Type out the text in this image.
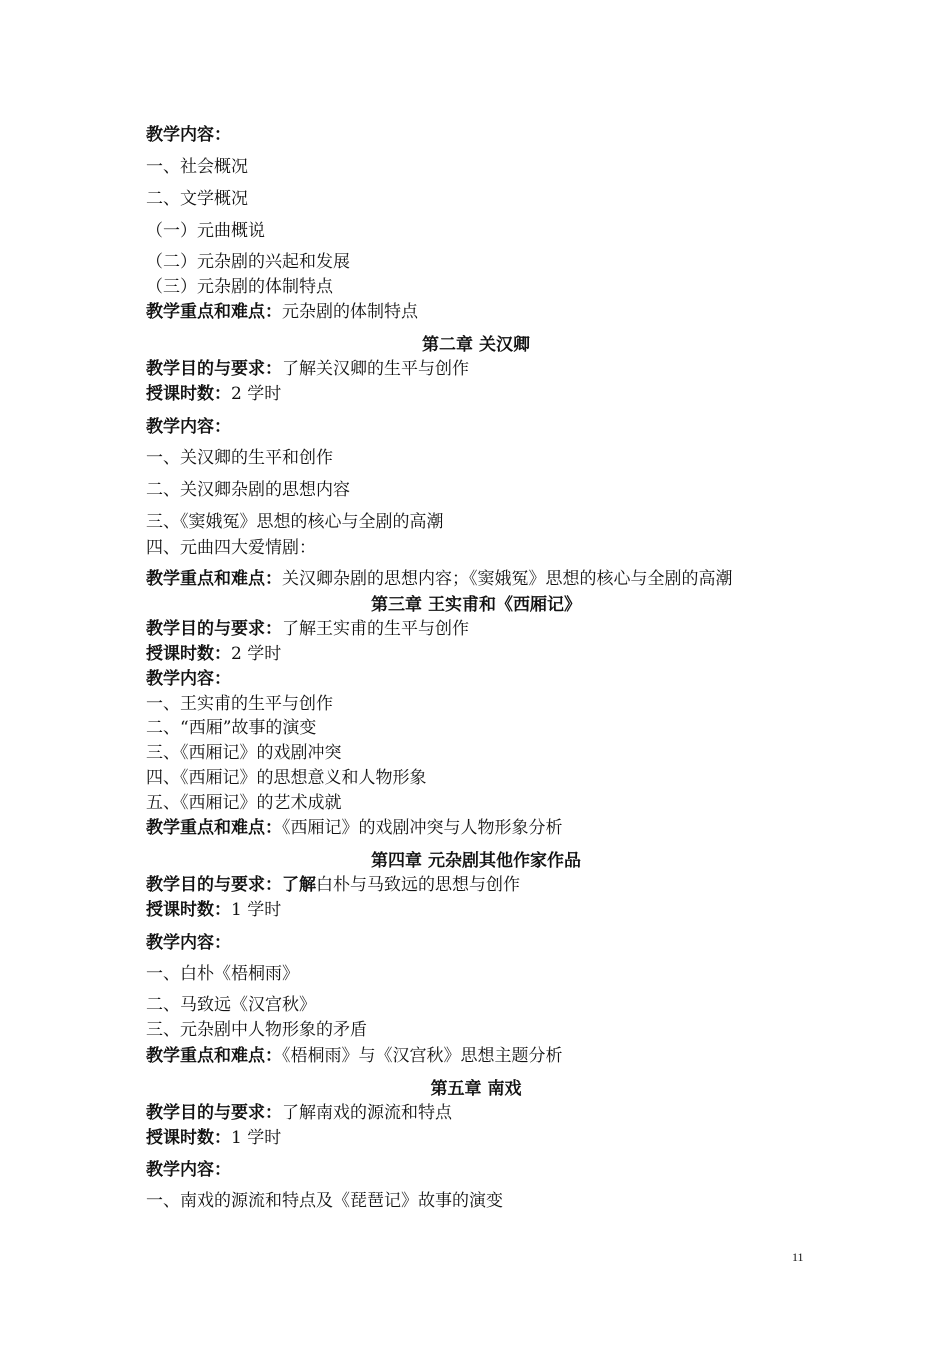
教学内容：
一、社会概况
二、文学概况
（一）元曲概说
（二）元杂剧的兴起和发展
（三）元杂剧的体制特点
教学重点和难点：元杂剧的体制特点
第二章 关汉卿
教学目的与要求：了解关汉卿的生平与创作
授课时数：2 学时
教学内容：
一、关汉卿的生平和创作
二、关汉卿杂剧的思想内容
三、《窦娥冤》思想的核心与全剧的高潮
四、元曲四大爱情剧：
教学重点和难点：关汉卿杂剧的思想内容；《窦娥冤》思想的核心与全剧的高潮
第三章 王实甫和《西厢记》
教学目的与要求：了解王实甫的生平与创作
授课时数：2 学时
教学内容：
一、王实甫的生平与创作
二、“西厢”故事的演变
三、《西厢记》的戏剧冲突
四、《西厢记》的思想意义和人物形象
五、《西厢记》的艺术成就
教学重点和难点：《西厢记》的戏剧冲突与人物形象分析
第四章 元杂剧其他作家作品
教学目的与要求：了解白朴与马致远的思想与创作
授课时数：1 学时
教学内容：
一、白朴《梧桐雨》
二、马致远《汉宫秋》
三、元杂剧中人物形象的矛盾
教学重点和难点：《梧桐雨》与《汉宫秋》思想主题分析
第五章 南戏
教学目的与要求：了解南戏的源流和特点
授课时数：1 学时
教学内容：
一、南戏的源流和特点及《琵琶记》故事的演变
11
